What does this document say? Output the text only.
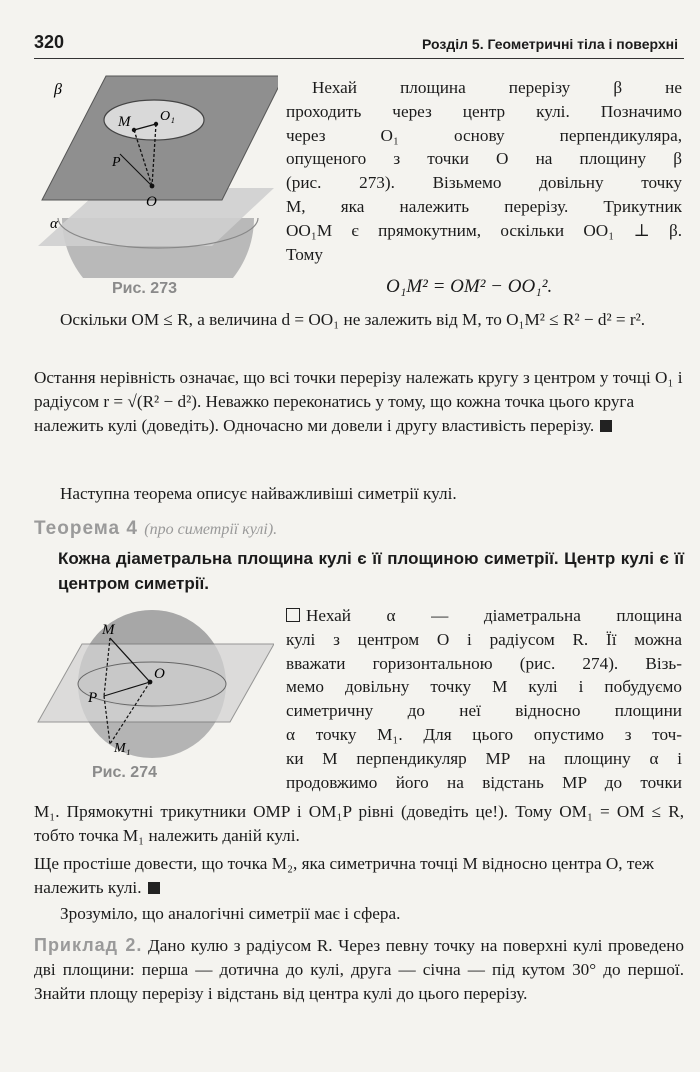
320	Розділ 5. Геометричні тіла і поверхні
β
α
M O₁
P
O
Рис. 273

Нехай площина перерізу β не

проходить через центр кулі. Позначимо

через O₁ основу перпендикуляра,

опущеного з точки O на площину β

(рис. 273). Візьмемо довільну точку

M, яка належить перерізу. Трикутник

OO₁M є прямокутним, оскільки OO₁ ⊥ β.

Тому

O₁M² = OM² − OO₁².

Оскільки OM ≤ R, а величина d = OO₁ не залежить від M, то O₁M² ≤ R² − d² = r².

Остання нерівність означає, що всі точки перерізу належать кругу з центром у точці O₁ і радіусом r = √(R² − d²). Неважко переконатись у тому, що кожна точка цього круга належить кулі (доведіть). Одночасно ми довели і другу властивість перерізу.

Наступна теорема описує найважливіші симетрії кулі.

Теорема 4 (про симетрії кулі).

Кожна діаметральна площина кулі є її площиною симетрії. Центр кулі є її центром симетрії.

M
O
P
M₁
Рис. 274

Нехай α — діаметральна площина

кулі з центром O і радіусом R. Її можна

вважати горизонтальною (рис. 274). Візь-

мемо довільну точку M кулі і побудуємо

симетричну до неї відносно площини

α точку M₁. Для цього опустимо з точ-

ки M перпендикуляр MP на площину α і

продовжимо його на відстань MP до точки

M₁. Прямокутні трикутники OMP і OM₁P рівні (доведіть це!). Тому OM₁ = OM ≤ R, тобто точка M₁ належить даній кулі.

Ще простіше довести, що точка M₂, яка симетрична точці M відносно центра O, теж належить кулі.

Зрозуміло, що аналогічні симетрії має і сфера.

Приклад 2. Дано кулю з радіусом R. Через певну точку на поверхні кулі проведено дві площини: перша — дотична до кулі, друга — січна — під кутом 30° до першої. Знайти площу перерізу і відстань від центра кулі до цього перерізу.
